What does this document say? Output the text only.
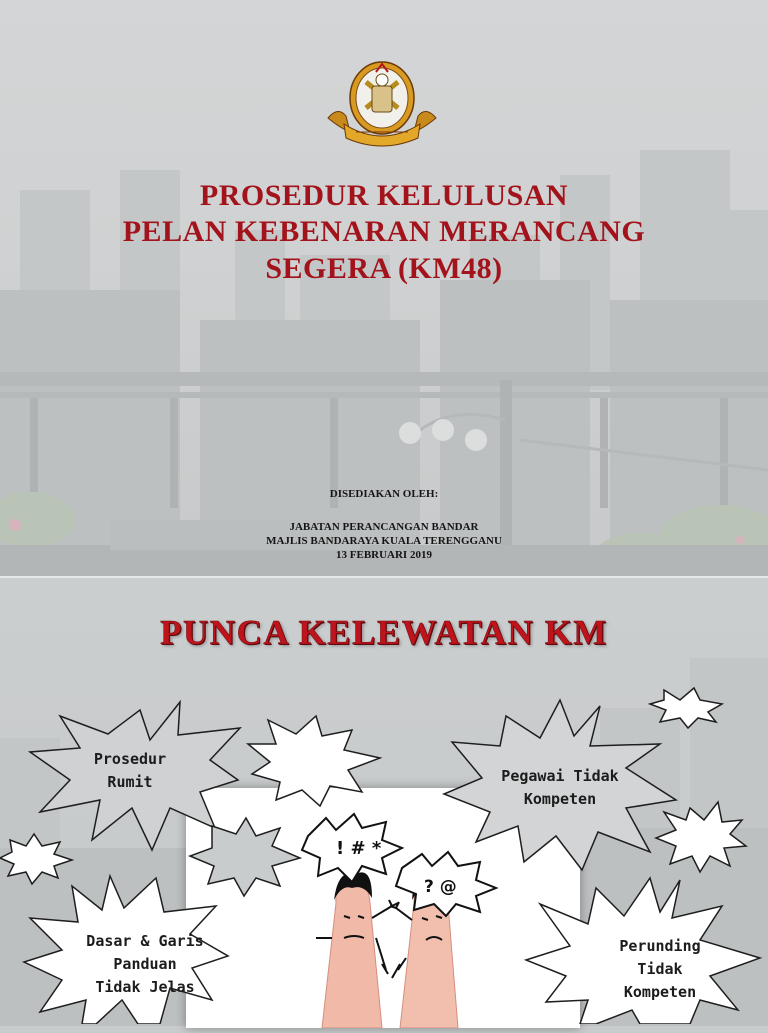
PROSEDUR KELULUSAN
PELAN KEBENARAN MERANCANG
SEGERA (KM48)
DISEDIAKAN OLEH:
JABATAN PERANCANGAN BANDAR
MAJLIS BANDARAYA KUALA TERENGGANU
13 FEBRUARI 2019
PUNCA KELEWATAN KM
! # *
? @
Prosedur
Rumit	Pegawai Tidak
Kompeten
Dasar & Garis
Panduan
Tidak Jelas
Perunding
Tidak
Kompeten
